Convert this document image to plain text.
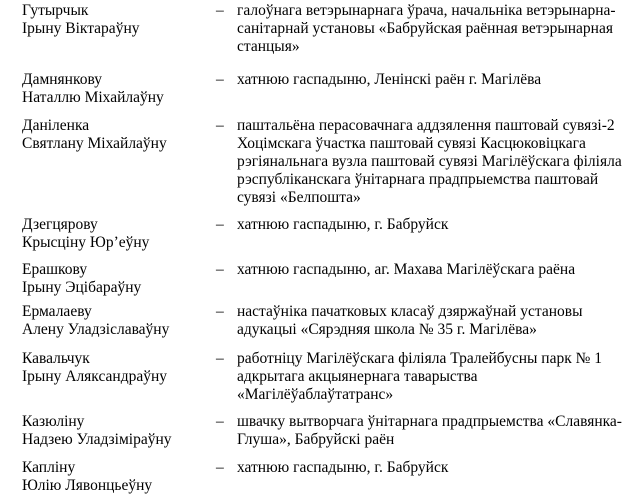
Гутырчык
Ірыну Віктараўну
– галоўнага ветэрынарнага ўрача, начальніка ветэрынарна-
санітарнай установы «Бабруйская раённая ветэрынарная
станцыя»
Дамнянкову
Наталлю Міхайлаўну
– хатнюю гаспадыню, Ленінскі раён г. Магілёва
Даніленка
Святлану Міхайлаўну
– паштальёна перасовачнага аддзялення паштовай сувязі-2
Хоцімскага ўчастка паштовай сувязі Касцюковіцкага
рэгіянальнага вузла паштовай сувязі Магілёўскага філіяла
рэспубліканскага ўнітарнага прадпрыемства паштовай
сувязі «Белпошта»
Дзегцярову
Крысціну Юр’еўну
– хатнюю гаспадыню, г. Бабруйск
Ерашкову
Ірыну Эцібараўну
– хатнюю гаспадыню, аг. Махава Магілёўскага раёна
Ермалаеву
Алену Уладзіславаўну
– настаўніка пачатковых класаў дзяржаўнай установы
адукацыі «Сярэдняя школа № 35 г. Магілёва»
Кавальчук
Ірыну Аляксандраўну
– работніцу Магілёўскага філіяла Тралейбусны парк № 1
адкрытага акцыянернага таварыства
«Магілёўаблаўтатранс»
Казюліну
Надзею Уладзіміраўну
– швачку вытворчага ўнітарнага прадпрыемства «Славянка-
Глуша», Бабруйскі раён
Капліну
Юлію Лявонцьеўну
– хатнюю гаспадыню, г. Бабруйск
